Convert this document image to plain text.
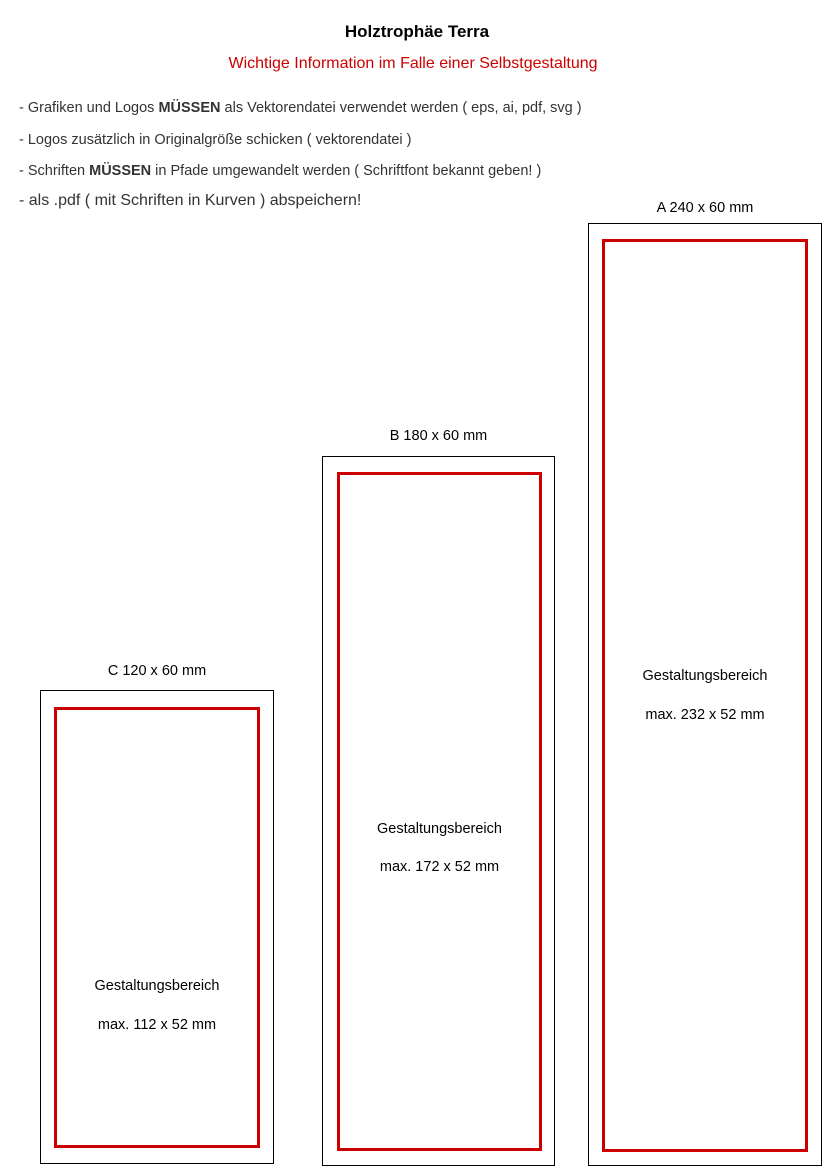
Holztrophäe Terra
Wichtige Information im Falle einer Selbstgestaltung
- Grafiken und Logos MÜSSEN als Vektorendatei verwendet werden ( eps, ai, pdf, svg )
- Logos zusätzlich in Originalgröße schicken ( vektorendatei )
- Schriften MÜSSEN in Pfade umgewandelt werden ( Schriftfont bekannt geben! )
- als .pdf ( mit Schriften in Kurven ) abspeichern!
C 120 x 60 mm
Gestaltungsbereich
max. 112 x 52 mm
B 180 x 60 mm
Gestaltungsbereich
max. 172 x 52 mm
A 240 x 60 mm
Gestaltungsbereich
max. 232 x 52 mm
